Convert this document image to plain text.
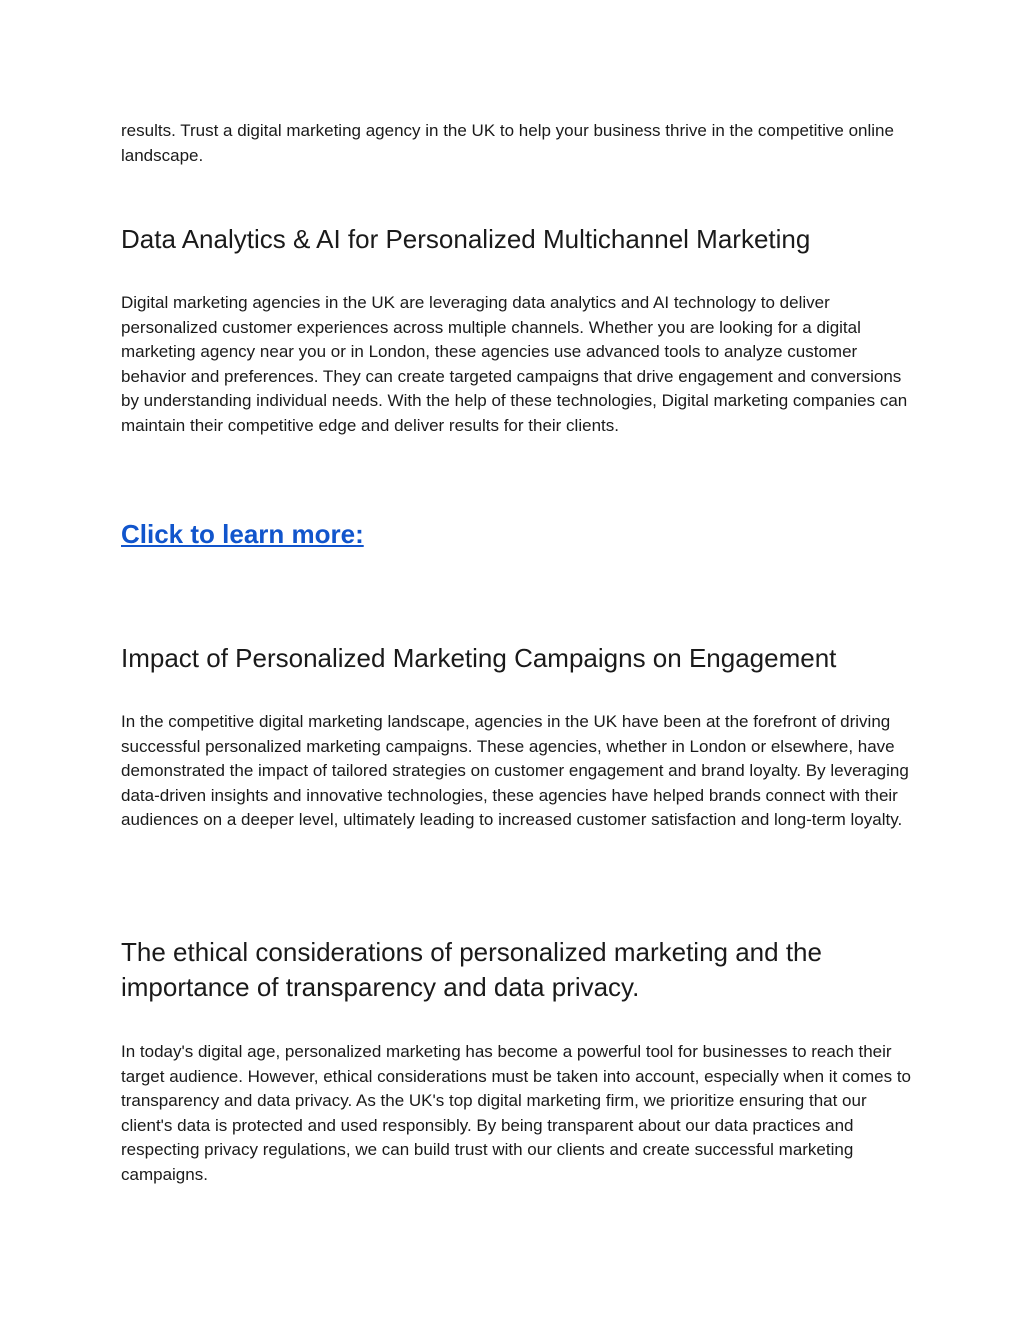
results. Trust a digital marketing agency in the UK to help your business thrive in the competitive online landscape.

Data Analytics & AI for Personalized Multichannel Marketing

Digital marketing agencies in the UK are leveraging data analytics and AI technology to deliver personalized customer experiences across multiple channels. Whether you are looking for a digital marketing agency near you or in London, these agencies use advanced tools to analyze customer behavior and preferences. They can create targeted campaigns that drive engagement and conversions by understanding individual needs. With the help of these technologies, Digital marketing companies can maintain their competitive edge and deliver results for their clients.

Click to learn more:
Impact of Personalized Marketing Campaigns on Engagement

In the competitive digital marketing landscape, agencies in the UK have been at the forefront of driving successful personalized marketing campaigns. These agencies, whether in London or elsewhere, have demonstrated the impact of tailored strategies on customer engagement and brand loyalty. By leveraging data-driven insights and innovative technologies, these agencies have helped brands connect with their audiences on a deeper level, ultimately leading to increased customer satisfaction and long-term loyalty.

The ethical considerations of personalized marketing and the importance of transparency and data privacy.

In today's digital age, personalized marketing has become a powerful tool for businesses to reach their target audience. However, ethical considerations must be taken into account, especially when it comes to transparency and data privacy. As the UK's top digital marketing firm, we prioritize ensuring that our client's data is protected and used responsibly. By being transparent about our data practices and respecting privacy regulations, we can build trust with our clients and create successful marketing campaigns.
